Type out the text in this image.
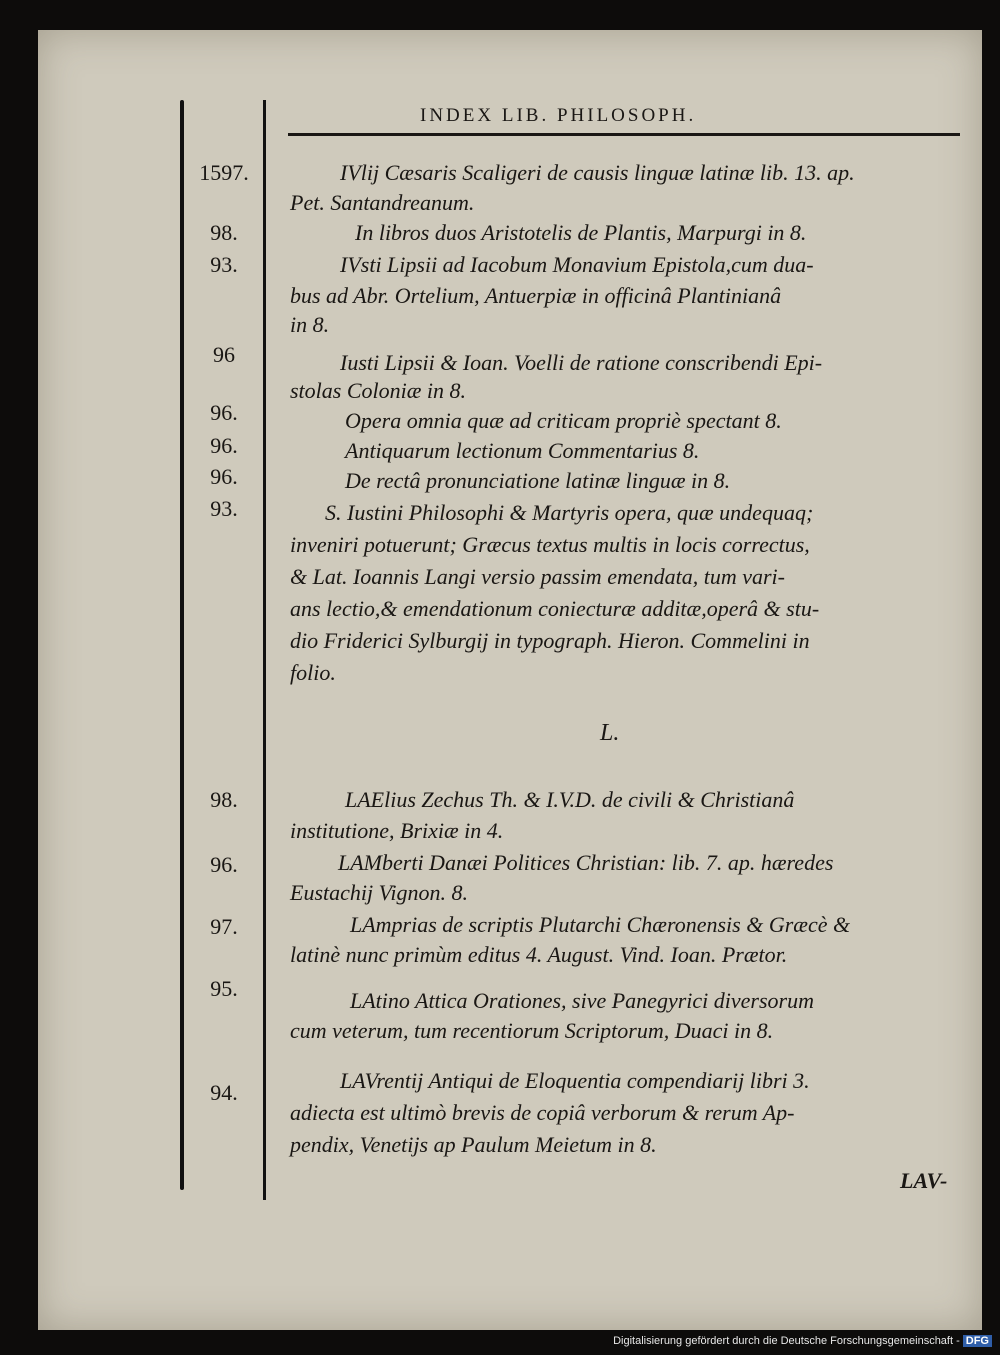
INDEX LIB. PHILOSOPH.
1597.
98.
93.
96
96.
96.
96.
93.
98.
96.
97.
95.
94.
IVlij Cæsaris Scaligeri de causis linguæ latinæ lib. 13. ap.
Pet. Santandreanum.
In libros duos Aristotelis de Plantis, Marpurgi in 8.
IVsti Lipsii ad Iacobum Monavium Epistola,cum dua-
bus ad Abr. Ortelium, Antuerpiæ in officinâ Plantinianâ
in 8.
Iusti Lipsii & Ioan. Voelli de ratione conscribendi Epi-
stolas Coloniæ in 8.
Opera omnia quæ ad criticam propriè spectant 8.
Antiquarum lectionum Commentarius 8.
De rectâ pronunciatione latinæ linguæ in 8.
S. Iustini Philosophi & Martyris opera, quæ undequaq;
inveniri potuerunt; Græcus textus multis in locis correctus,
& Lat. Ioannis Langi versio passim emendata, tum vari-
ans lectio,& emendationum coniecturæ additæ,operâ & stu-
dio Friderici Sylburgij in typograph. Hieron. Commelini in
folio.
L.
LAElius Zechus Th. & I.V.D. de civili & Christianâ
institutione, Brixiæ in 4.
LAMberti Danæi Politices Christian: lib. 7. ap. hæredes
Eustachij Vignon. 8.
LAmprias de scriptis Plutarchi Chæronensis & Græcè &
latinè nunc primùm editus 4. August. Vind. Ioan. Prætor.
LAtino Attica Orationes, sive Panegyrici diversorum
cum veterum, tum recentiorum Scriptorum, Duaci in 8.
LAVrentij Antiqui de Eloquentia compendiarij libri 3.
adiecta est ultimò brevis de copiâ verborum & rerum Ap-
pendix, Venetijs ap Paulum Meietum in 8.
LAV-
Digitalisierung gefördert durch die Deutsche Forschungsgemeinschaft - DFG
